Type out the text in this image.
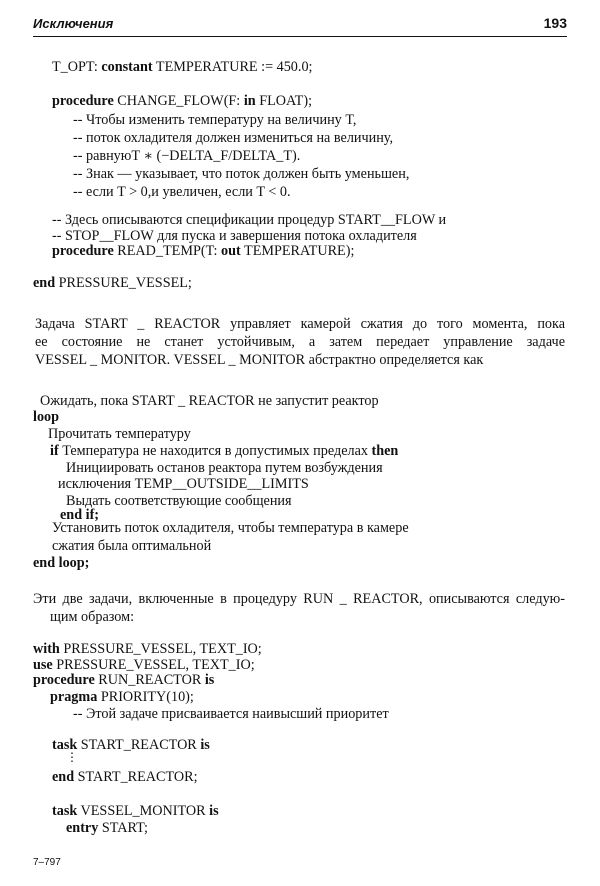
Исключения	193
T_OPT: constant TEMPERATURE := 450.0;
procedure CHANGE_FLOW(F: in FLOAT);
-- Чтобы изменить температуру на величину T,
-- поток охладителя должен измениться на величину,
-- равнуюT ∗ (−DELTA_F/DELTA_T).
-- Знак — указывает, что поток должен быть уменьшен,
-- если T > 0,и увеличен, если T < 0.
-- Здесь описываются спецификации процедур START__FLOW и
-- STOP__FLOW для пуска и завершения потока охладителя
procedure READ_TEMP(T: out TEMPERATURE);
end PRESSURE_VESSEL;
Задача START _ REACTOR управляет камерой сжатия до того момента, пока
ее состояние не станет устойчивым, а затем передает управление задаче
VESSEL _ MONITOR. VESSEL _ MONITOR абстрактно определяется как
Ожидать, пока START _ REACTOR не запустит реактор
loop
Прочитать температуру
if Температура не находится в допустимых пределах then
Инициировать останов реактора путем возбуждения
исключения TEMP__OUTSIDE__LIMITS
Выдать соответствующие сообщения
end if;
Установить поток охладителя, чтобы температура в камере
сжатия была оптимальной
end loop;
Эти две задачи, включенные в процедуру RUN _ REACTOR, описываются следую-
щим образом:
with PRESSURE_VESSEL, TEXT_IO;
use PRESSURE_VESSEL, TEXT_IO;
procedure RUN_REACTOR is
pragma PRIORITY(10);
-- Этой задаче присваивается наивысший приоритет
task START_REACTOR is
⋮
end START_REACTOR;
task VESSEL_MONITOR is
entry START;
7–797
